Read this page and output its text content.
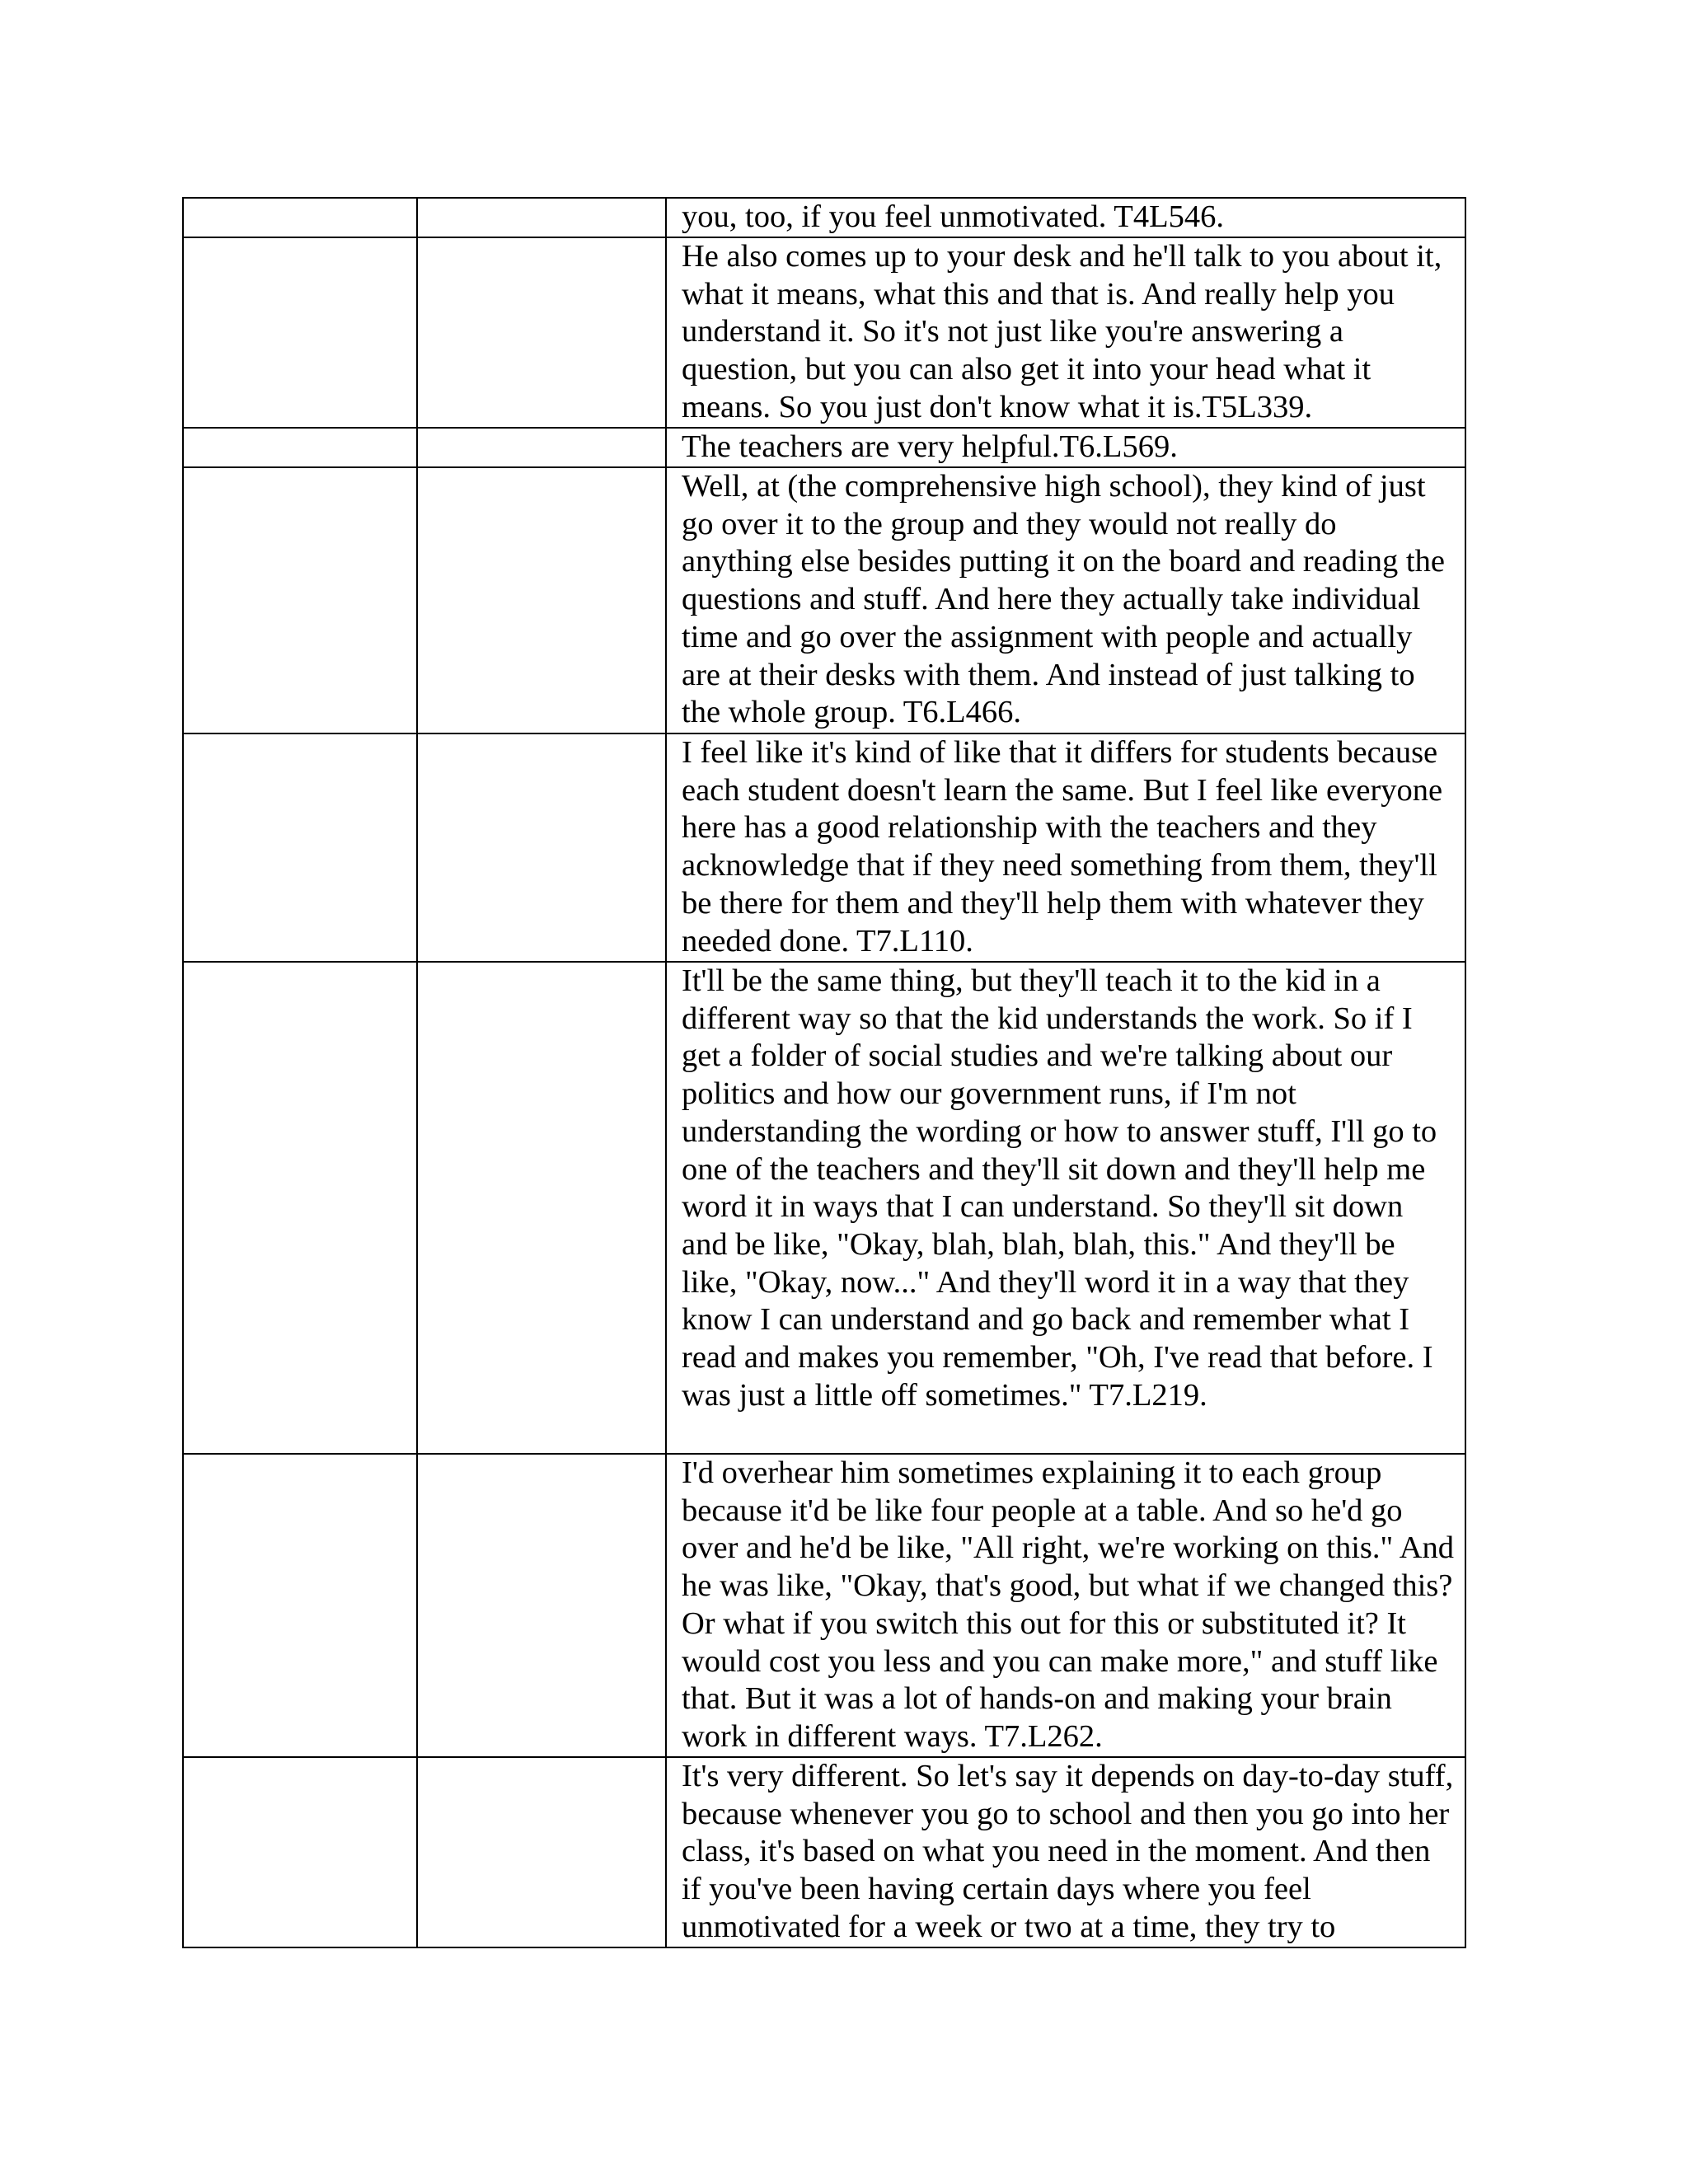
		you, too, if you feel unmotivated. T4L546.
		He also comes up to your desk and he'll talk to you about it, what it means, what this and that is. And really help you understand it. So it's not just like you're answering a question, but you can also get it into your head what it means. So you just don't know what it is.T5L339.
		The teachers are very helpful.T6.L569.
		Well, at (the comprehensive high school), they kind of just go over it to the group and they would not really do anything else besides putting it on the board and reading the questions and stuff. And here they actually take individual time and go over the assignment with people and actually are at their desks with them. And instead of just talking to the whole group. T6.L466.
		I feel like it's kind of like that it differs for students because each student doesn't learn the same. But I feel like everyone here has a good relationship with the teachers and they acknowledge that if they need something from them, they'll be there for them and they'll help them with whatever they needed done. T7.L110.
		It'll be the same thing, but they'll teach it to the kid in a different way so that the kid understands the work. So if I get a folder of social studies and we're talking about our politics and how our government runs, if I'm not understanding the wording or how to answer stuff, I'll go to one of the teachers and they'll sit down and they'll help me word it in ways that I can understand. So they'll sit down and be like, "Okay, blah, blah, blah, this." And they'll be like, "Okay, now..." And they'll word it in a way that they know I can understand and go back and remember what I read and makes you remember, "Oh, I've read that before. I was just a little off sometimes." T7.L219.
		I'd overhear him sometimes explaining it to each group because it'd be like four people at a table. And so he'd go over and he'd be like, "All right, we're working on this." And he was like, "Okay, that's good, but what if we changed this? Or what if you switch this out for this or substituted it? It would cost you less and you can make more," and stuff like that. But it was a lot of hands-on and making your brain work in different ways. T7.L262.
		It's very different. So let's say it depends on day-to-day stuff, because whenever you go to school and then you go into her class, it's based on what you need in the moment. And then if you've been having certain days where you feel unmotivated for a week or two at a time, they try to
